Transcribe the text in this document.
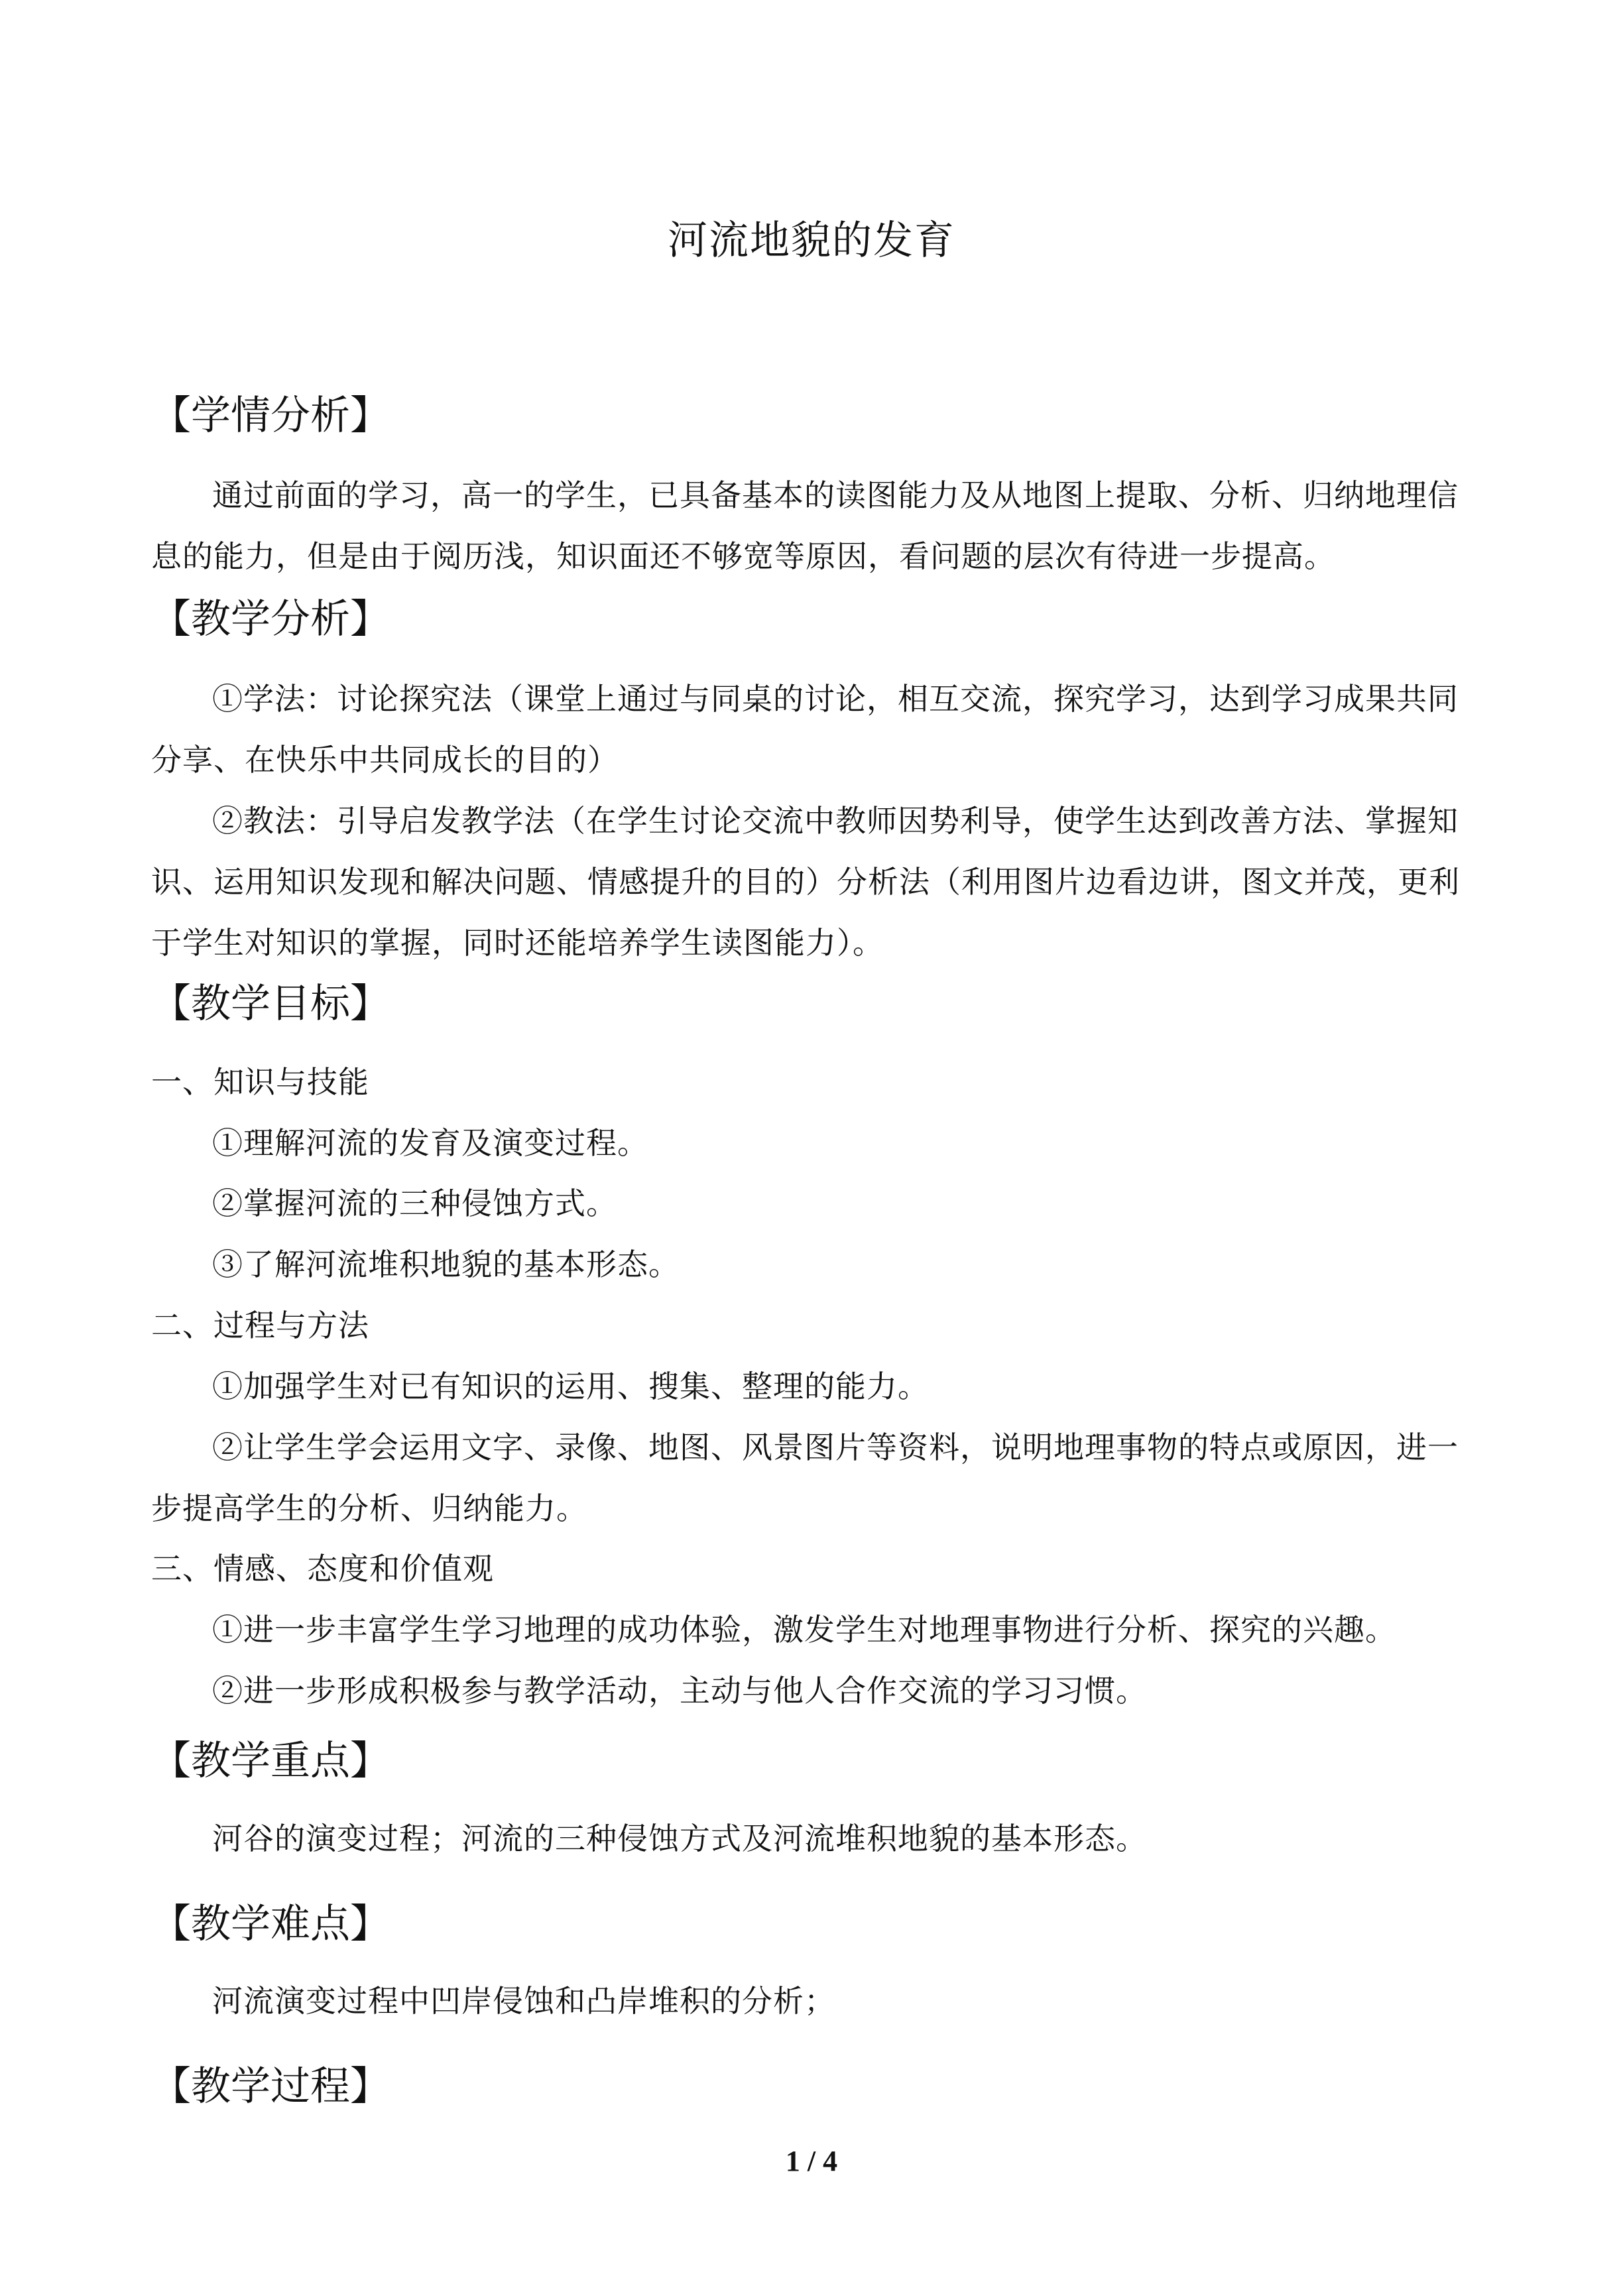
河流地貌的发育
【学情分析】
通过前面的学习，高一的学生，已具备基本的读图能力及从地图上提取、分析、归纳地理信息的能力，但是由于阅历浅，知识面还不够宽等原因，看问题的层次有待进一步提高。
【教学分析】
①学法：讨论探究法（课堂上通过与同桌的讨论，相互交流，探究学习，达到学习成果共同分享、在快乐中共同成长的目的）
②教法：引导启发教学法（在学生讨论交流中教师因势利导，使学生达到改善方法、掌握知识、运用知识发现和解决问题、情感提升的目的）分析法（利用图片边看边讲，图文并茂，更利于学生对知识的掌握，同时还能培养学生读图能力）。
【教学目标】
一、知识与技能
①理解河流的发育及演变过程。
②掌握河流的三种侵蚀方式。
③了解河流堆积地貌的基本形态。
二、过程与方法
①加强学生对已有知识的运用、搜集、整理的能力。
②让学生学会运用文字、录像、地图、风景图片等资料，说明地理事物的特点或原因，进一步提高学生的分析、归纳能力。
三、情感、态度和价值观
①进一步丰富学生学习地理的成功体验，激发学生对地理事物进行分析、探究的兴趣。
②进一步形成积极参与教学活动，主动与他人合作交流的学习习惯。
【教学重点】
河谷的演变过程；河流的三种侵蚀方式及河流堆积地貌的基本形态。
【教学难点】
河流演变过程中凹岸侵蚀和凸岸堆积的分析；
【教学过程】
1 / 4
